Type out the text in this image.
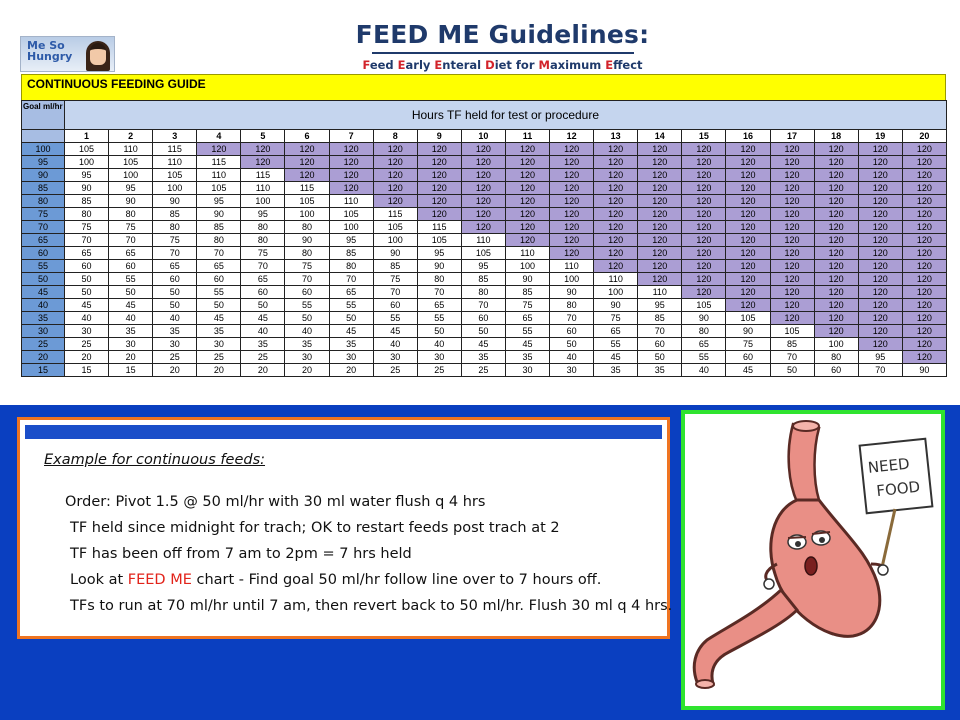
Me So
Hungry
FEED ME Guidelines:
Feed Early Enteral Diet for Maximum Effect
CONTINUOUS FEEDING GUIDE
Goal ml/hr	Hours TF held for test or procedure																			
	1	2	3	4	5	6	7	8	9	10	11	12	13	14	15	16	17	18	19	20
100	105	110	115	120	120	120	120	120	120	120	120	120	120	120	120	120	120	120	120	120
95	100	105	110	115	120	120	120	120	120	120	120	120	120	120	120	120	120	120	120	120
90	95	100	105	110	115	120	120	120	120	120	120	120	120	120	120	120	120	120	120	120
85	90	95	100	105	110	115	120	120	120	120	120	120	120	120	120	120	120	120	120	120
80	85	90	90	95	100	105	110	120	120	120	120	120	120	120	120	120	120	120	120	120
75	80	80	85	90	95	100	105	115	120	120	120	120	120	120	120	120	120	120	120	120
70	75	75	80	85	80	80	100	105	115	120	120	120	120	120	120	120	120	120	120	120
65	70	70	75	80	80	90	95	100	105	110	120	120	120	120	120	120	120	120	120	120
60	65	65	70	70	75	80	85	90	95	105	110	120	120	120	120	120	120	120	120	120
55	60	60	65	65	70	75	80	85	90	95	100	110	120	120	120	120	120	120	120	120
50	50	55	60	60	65	70	70	75	80	85	90	100	110	120	120	120	120	120	120	120
45	50	50	50	55	60	60	65	70	70	80	85	90	100	110	120	120	120	120	120	120
40	45	45	50	50	50	55	55	60	65	70	75	80	90	95	105	120	120	120	120	120
35	40	40	40	45	45	50	50	55	55	60	65	70	75	85	90	105	120	120	120	120
30	30	35	35	35	40	40	45	45	50	50	55	60	65	70	80	90	105	120	120	120
25	25	30	30	30	35	35	35	40	40	45	45	50	55	60	65	75	85	100	120	120
20	20	20	25	25	25	30	30	30	30	35	35	40	45	50	55	60	70	80	95	120
15	15	15	20	20	20	20	20	25	25	25	30	30	35	35	40	45	50	60	70	90
Example for continuous feeds:
Order: Pivot 1.5 @ 50 ml/hr with 30 ml water flush q 4 hrs
TF held since midnight for trach; OK to restart feeds post trach at 2
TF has been off from 7 am to 2pm = 7 hrs held
Look at FEED ME chart - Find goal 50 ml/hr follow line over to 7 hours off.
TFs to run at 70 ml/hr until 7 am, then revert back to 50 ml/hr. Flush 30 ml q 4 hrs.
NEED
FOOD
